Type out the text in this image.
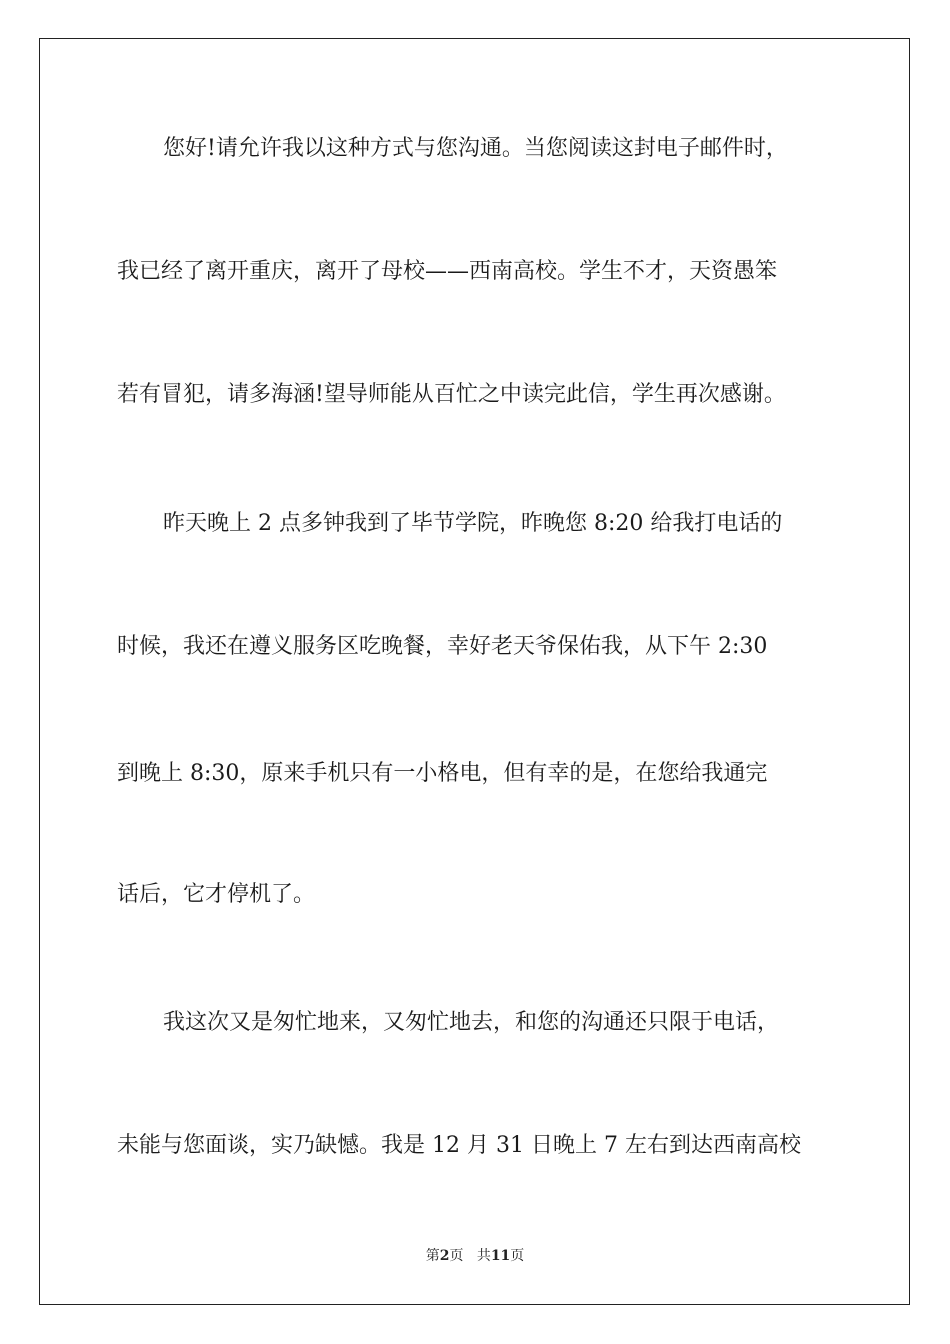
您好!请允许我以这种方式与您沟通。当您阅读这封电子邮件时，
我已经了离开重庆，离开了母校——西南高校。学生不才，天资愚笨
若有冒犯，请多海涵!望导师能从百忙之中读完此信，学生再次感谢。
昨天晚上 2 点多钟我到了毕节学院，昨晚您 8:20 给我打电话的
时候，我还在遵义服务区吃晚餐，幸好老天爷保佑我，从下午 2:30
到晚上 8:30，原来手机只有一小格电，但有幸的是，在您给我通完
话后，它才停机了。
我这次又是匆忙地来，又匆忙地去，和您的沟通还只限于电话，
未能与您面谈，实乃缺憾。我是 12 月 31 日晚上 7 左右到达西南高校
第2页 共11页
